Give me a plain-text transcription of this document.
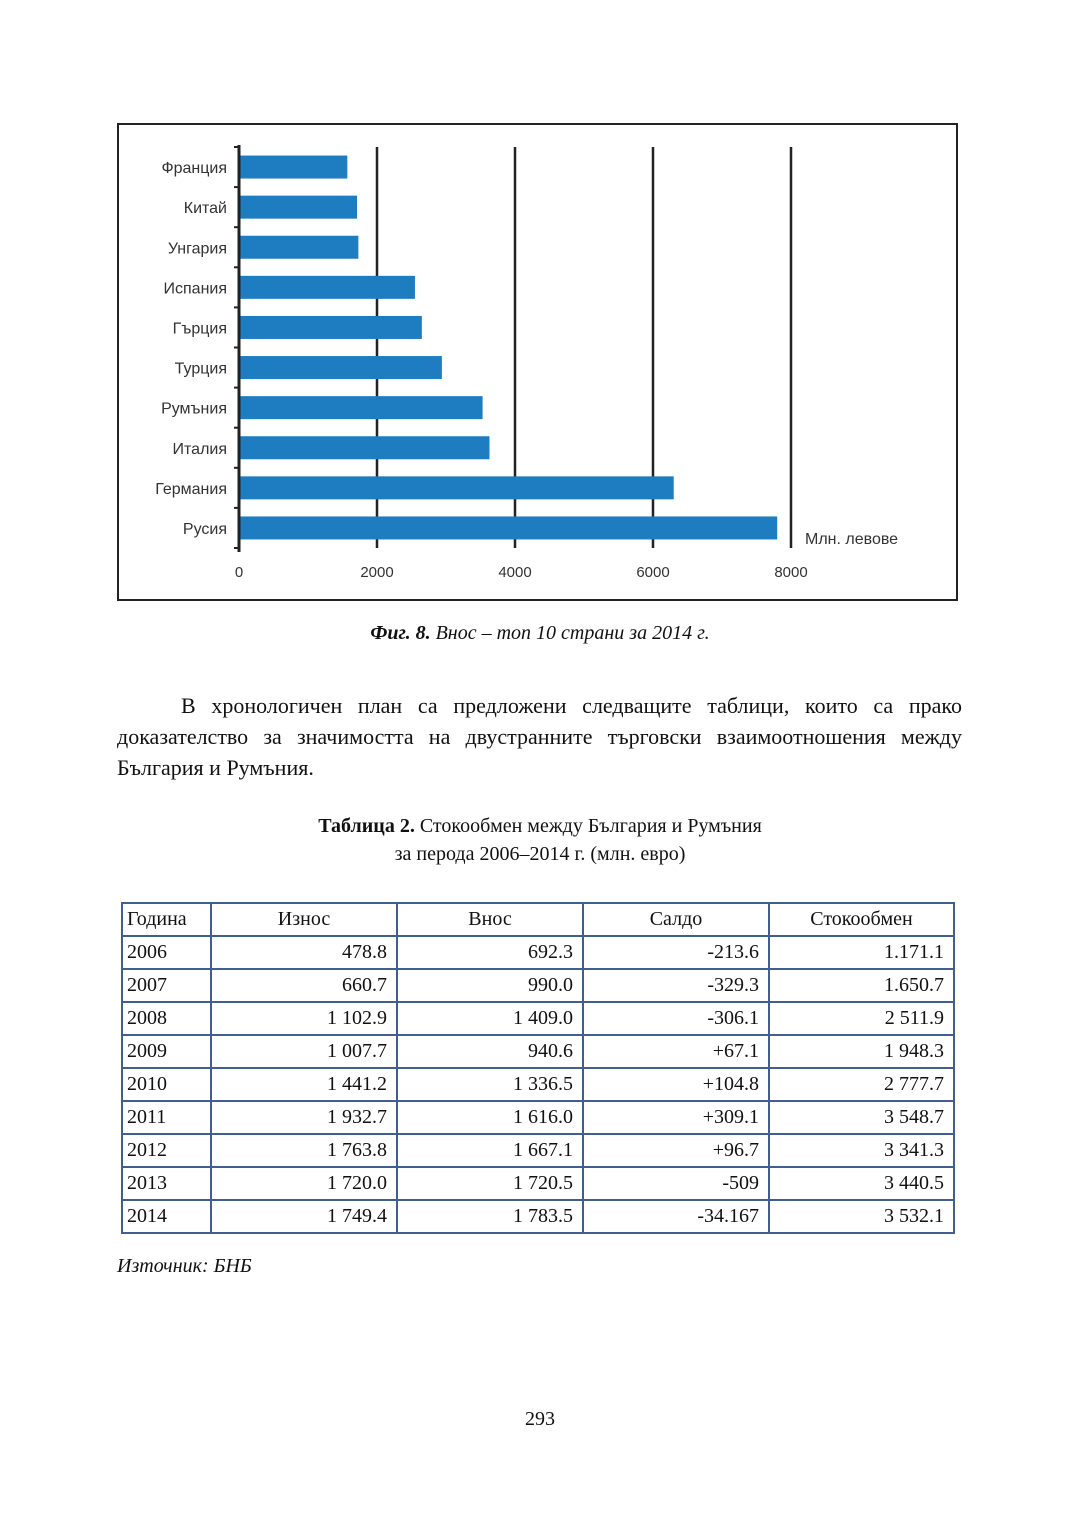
Франция
Китай
Унгария
Испания
Гърция
Турция
Румъния
Италия
Германия
Русия
0	2000	4000	6000	8000
Млн. левове
Фиг. 8. Внос – топ 10 страни за 2014 г.

В хронологичен план са предложени следващите таблици, които са прако доказателство за значимостта на двустранните търговски взаимоотношения между България и Румъния.

Таблица 2. Стокообмен между България и Румъния
за перода 2006–2014 г. (млн. евро)
Година	Износ	Внос	Салдо	Стокообмен
2006	478.8	692.3	-213.6	1.171.1
2007	660.7	990.0	-329.3	1.650.7
2008	1 102.9	1 409.0	-306.1	2 511.9
2009	1 007.7	940.6	+67.1	1 948.3
2010	1 441.2	1 336.5	+104.8	2 777.7
2011	1 932.7	1 616.0	+309.1	3 548.7
2012	1 763.8	1 667.1	+96.7	3 341.3
2013	1 720.0	1 720.5	-509	3 440.5
2014	1 749.4	1 783.5	-34.167	3 532.1
Източник: БНБ
293
